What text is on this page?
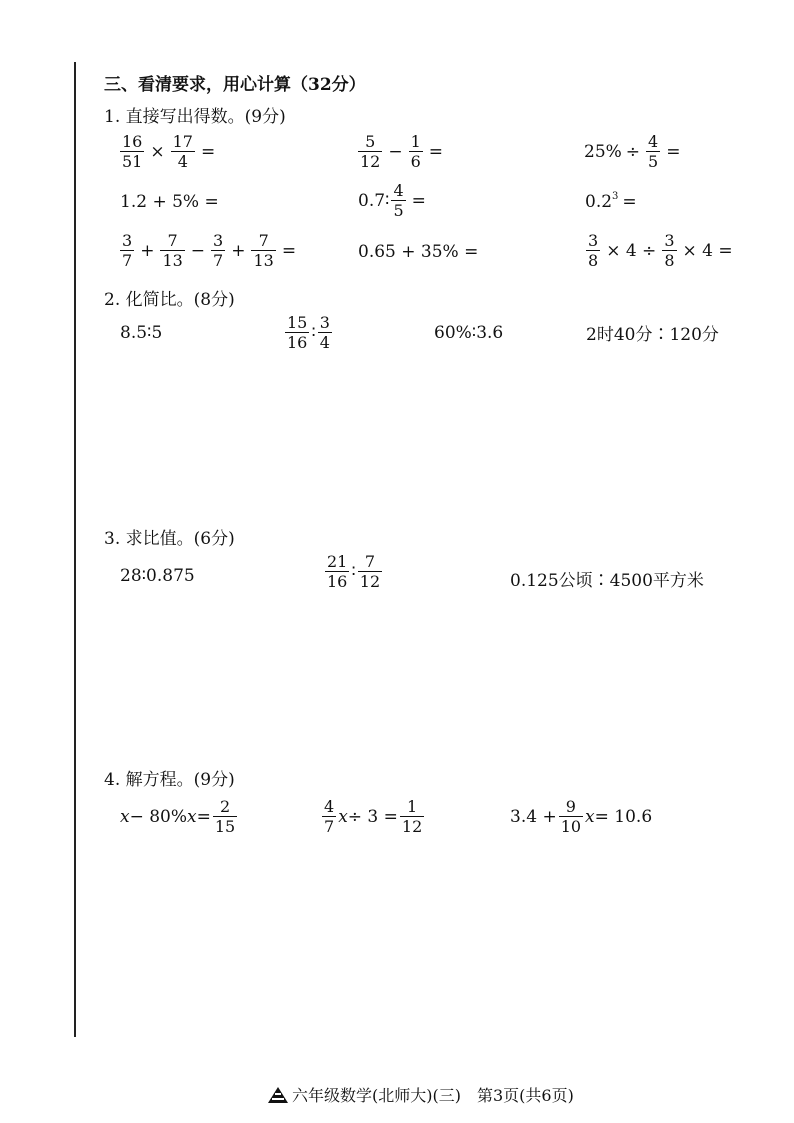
三、看清要求，用心计算（32分）
1. 直接写出得数。(9分)
$\frac{16}{51} \times \frac{17}{4}$ =	$\frac{5}{12} - \frac{1}{6}$ =	$25\% \div \frac{4}{5}$ =
1.2 + 5% =	0.7∶ $\frac{4}{5}$ =	0.2 3 =
$\frac{3}{7} + \frac{7}{13} - \frac{3}{7} + \frac{7}{13}$ =	0.65 + 35% =	$\frac{3}{8} \times 4 \div \frac{3}{8} \times 4$ =
2. 化简比。(8分)
8.5∶5	$\frac{15}{16}$ ∶ $\frac{3}{4}$	60%∶3.6	2时40分∶120分
3. 求比值。(6分)
28∶0.875	$\frac{21}{16}$ ∶ $\frac{7}{12}$	0.125公顷∶4500平方米
4. 解方程。(9分)
x − 80% $x = \frac{2}{15}$	$\frac{4}{7}$ $x \div 3 = \frac{1}{12}$	$3.4 + \frac{9}{10}$ x = 10.6
六年级数学(北师大)(三)　第3页(共6页)
